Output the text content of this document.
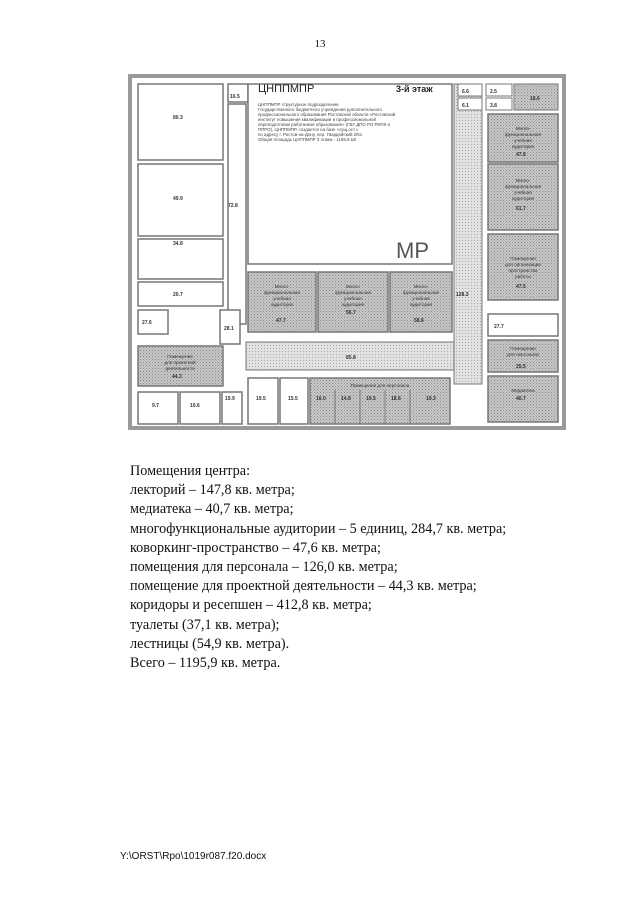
13
ЦНППМПР	3-й этаж
ЦНППМПР структурное подразделение
Государственного бюджетного учреждения дополнительного
профессионального образования Ростовской области «Ростовский
институт повышения квалификации и профессиональной
переподготовки работников образования» (ГБУ ДПО РО РИПК и
ППРО), ЦНППМПР, создается на базе «сущ.ост.»
по адресу г. Ростов-на-Дону, пер. Гвардейский 2/51
Общая площадь ЦНППМПР 3 этажа - 1195,9 м2
MP
80.3
16.5
72.8
49.9
34.8
20.7
27.6
28.1
44.3
9.7	10.6
19.9	19.5	15.5
47.7
56.7
58.6
85.8
16.0	14.8	19.5	18.8	19.3
6.6
6.1
2.5
3.8
18.6
47.8
61.7
47.5
128.3
27.7
25.5
40.7
Много-
функциональная
учебная
аудитория
Много-
функциональная
учебная
аудитория
Много-
функциональная
учебная
аудитория
Много-
функциональная
учебная
аудитория
Много-
функциональная
учебная
аудитория
Помещение
для проектной
деятельности
Помещения
для организации
пространства
работы
Помещение для персонала
Помещение
для персонала
Медиатека
Помещения центра:
лекторий – 147,8 кв. метра;
медиатека – 40,7 кв. метра;
многофункциональные аудитории – 5 единиц, 284,7 кв. метра;
коворкинг-пространство – 47,6 кв. метра;
помещения для персонала – 126,0 кв. метра;
помещение для проектной деятельности – 44,3 кв. метра;
коридоры и ресепшен – 412,8 кв. метра;
туалеты (37,1 кв. метра);
лестницы (54,9 кв. метра).
Всего – 1195,9 кв. метра.
Y:\ORST\Rpo\1019r087.f20.docx
